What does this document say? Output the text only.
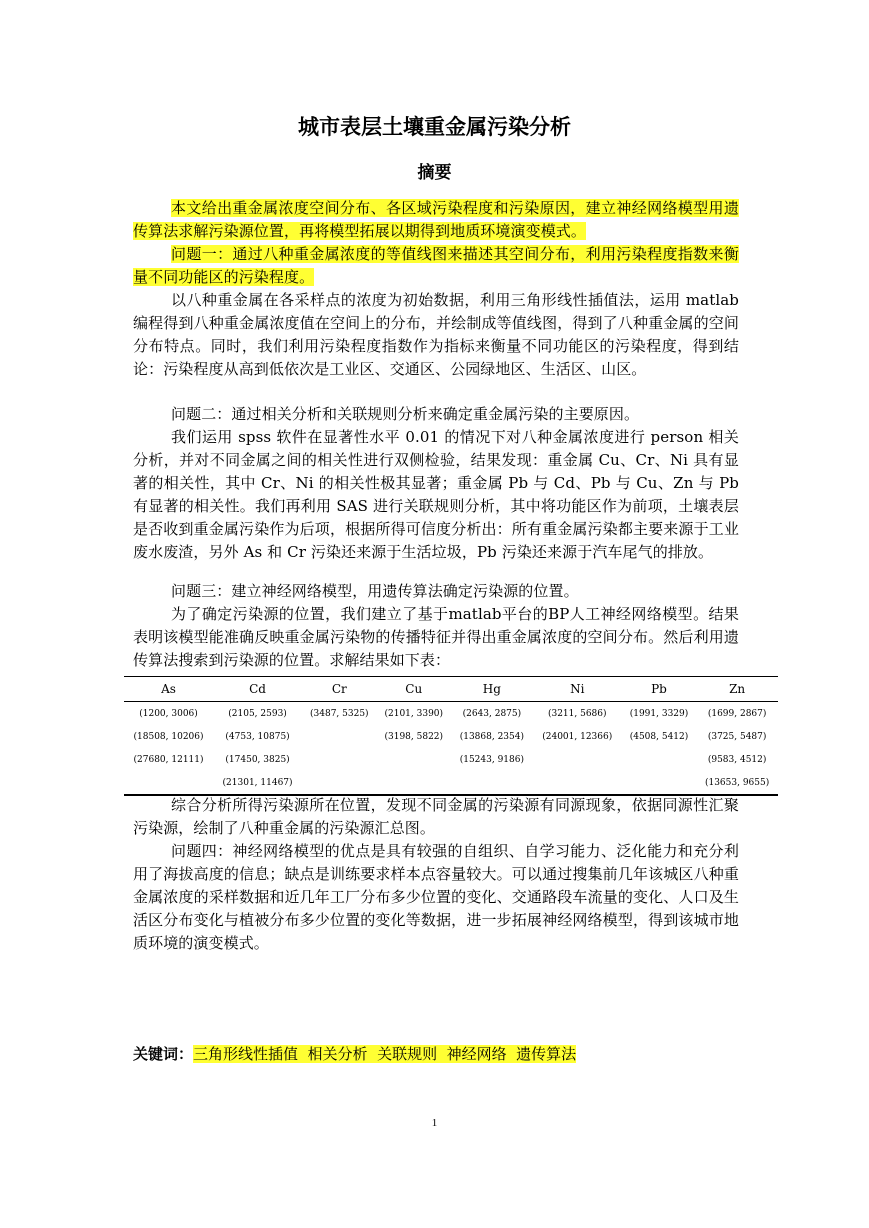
城市表层土壤重金属污染分析
摘要

本文给出重金属浓度空间分布、各区域污染程度和污染原因，建立神经网络模型用遗传算法求解污染源位置，再将模型拓展以期得到地质环境演变模式。

问题一：通过八种重金属浓度的等值线图来描述其空间分布，利用污染程度指数来衡量不同功能区的污染程度。

以八种重金属在各采样点的浓度为初始数据，利用三角形线性插值法，运用 matlab 编程得到八种重金属浓度值在空间上的分布，并绘制成等值线图，得到了八种重金属的空间分布特点。同时，我们利用污染程度指数作为指标来衡量不同功能区的污染程度，得到结论：污染程度从高到低依次是工业区、交通区、公园绿地区、生活区、山区。

问题二：通过相关分析和关联规则分析来确定重金属污染的主要原因。

我们运用 spss 软件在显著性水平 0.01 的情况下对八种金属浓度进行 person 相关分析，并对不同金属之间的相关性进行双侧检验，结果发现：重金属 Cu、Cr、Ni 具有显著的相关性，其中 Cr、Ni 的相关性极其显著；重金属 Pb 与 Cd、Pb 与 Cu、Zn 与 Pb 有显著的相关性。我们再利用 SAS 进行关联规则分析，其中将功能区作为前项，土壤表层是否收到重金属污染作为后项，根据所得可信度分析出：所有重金属污染都主要来源于工业废水废渣，另外 As 和 Cr 污染还来源于生活垃圾，Pb 污染还来源于汽车尾气的排放。

问题三：建立神经网络模型，用遗传算法确定污染源的位置。

为了确定污染源的位置，我们建立了基于matlab平台的BP人工神经网络模型。结果表明该模型能准确反映重金属污染物的传播特征并得出重金属浓度的空间分布。然后利用遗传算法搜索到污染源的位置。求解结果如下表：

As	Cd	Cr	Cu	Hg	Ni	Pb	Zn
(1200, 3006)	(2105, 2593)	(3487, 5325)	(2101, 3390)	(2643, 2875)	(3211, 5686)	(1991, 3329)	(1699, 2867)
(18508, 10206)	(4753, 10875)		(3198, 5822)	(13868, 2354)	(24001, 12366)	(4508, 5412)	(3725, 5487)
(27680, 12111)	(17450, 3825)			(15243, 9186)			(9583, 4512)
	(21301, 11467)						(13653, 9655)

综合分析所得污染源所在位置，发现不同金属的污染源有同源现象，依据同源性汇聚污染源，绘制了八种重金属的污染源汇总图。

问题四：神经网络模型的优点是具有较强的自组织、自学习能力、泛化能力和充分利用了海拔高度的信息；缺点是训练要求样本点容量较大。可以通过搜集前几年该城区八种重金属浓度的采样数据和近几年工厂分布多少位置的变化、交通路段车流量的变化、人口及生活区分布变化与植被分布多少位置的变化等数据，进一步拓展神经网络模型，得到该城市地质环境的演变模式。

关键词：三角形线性插值  相关分析  关联规则  神经网络  遗传算法
1
